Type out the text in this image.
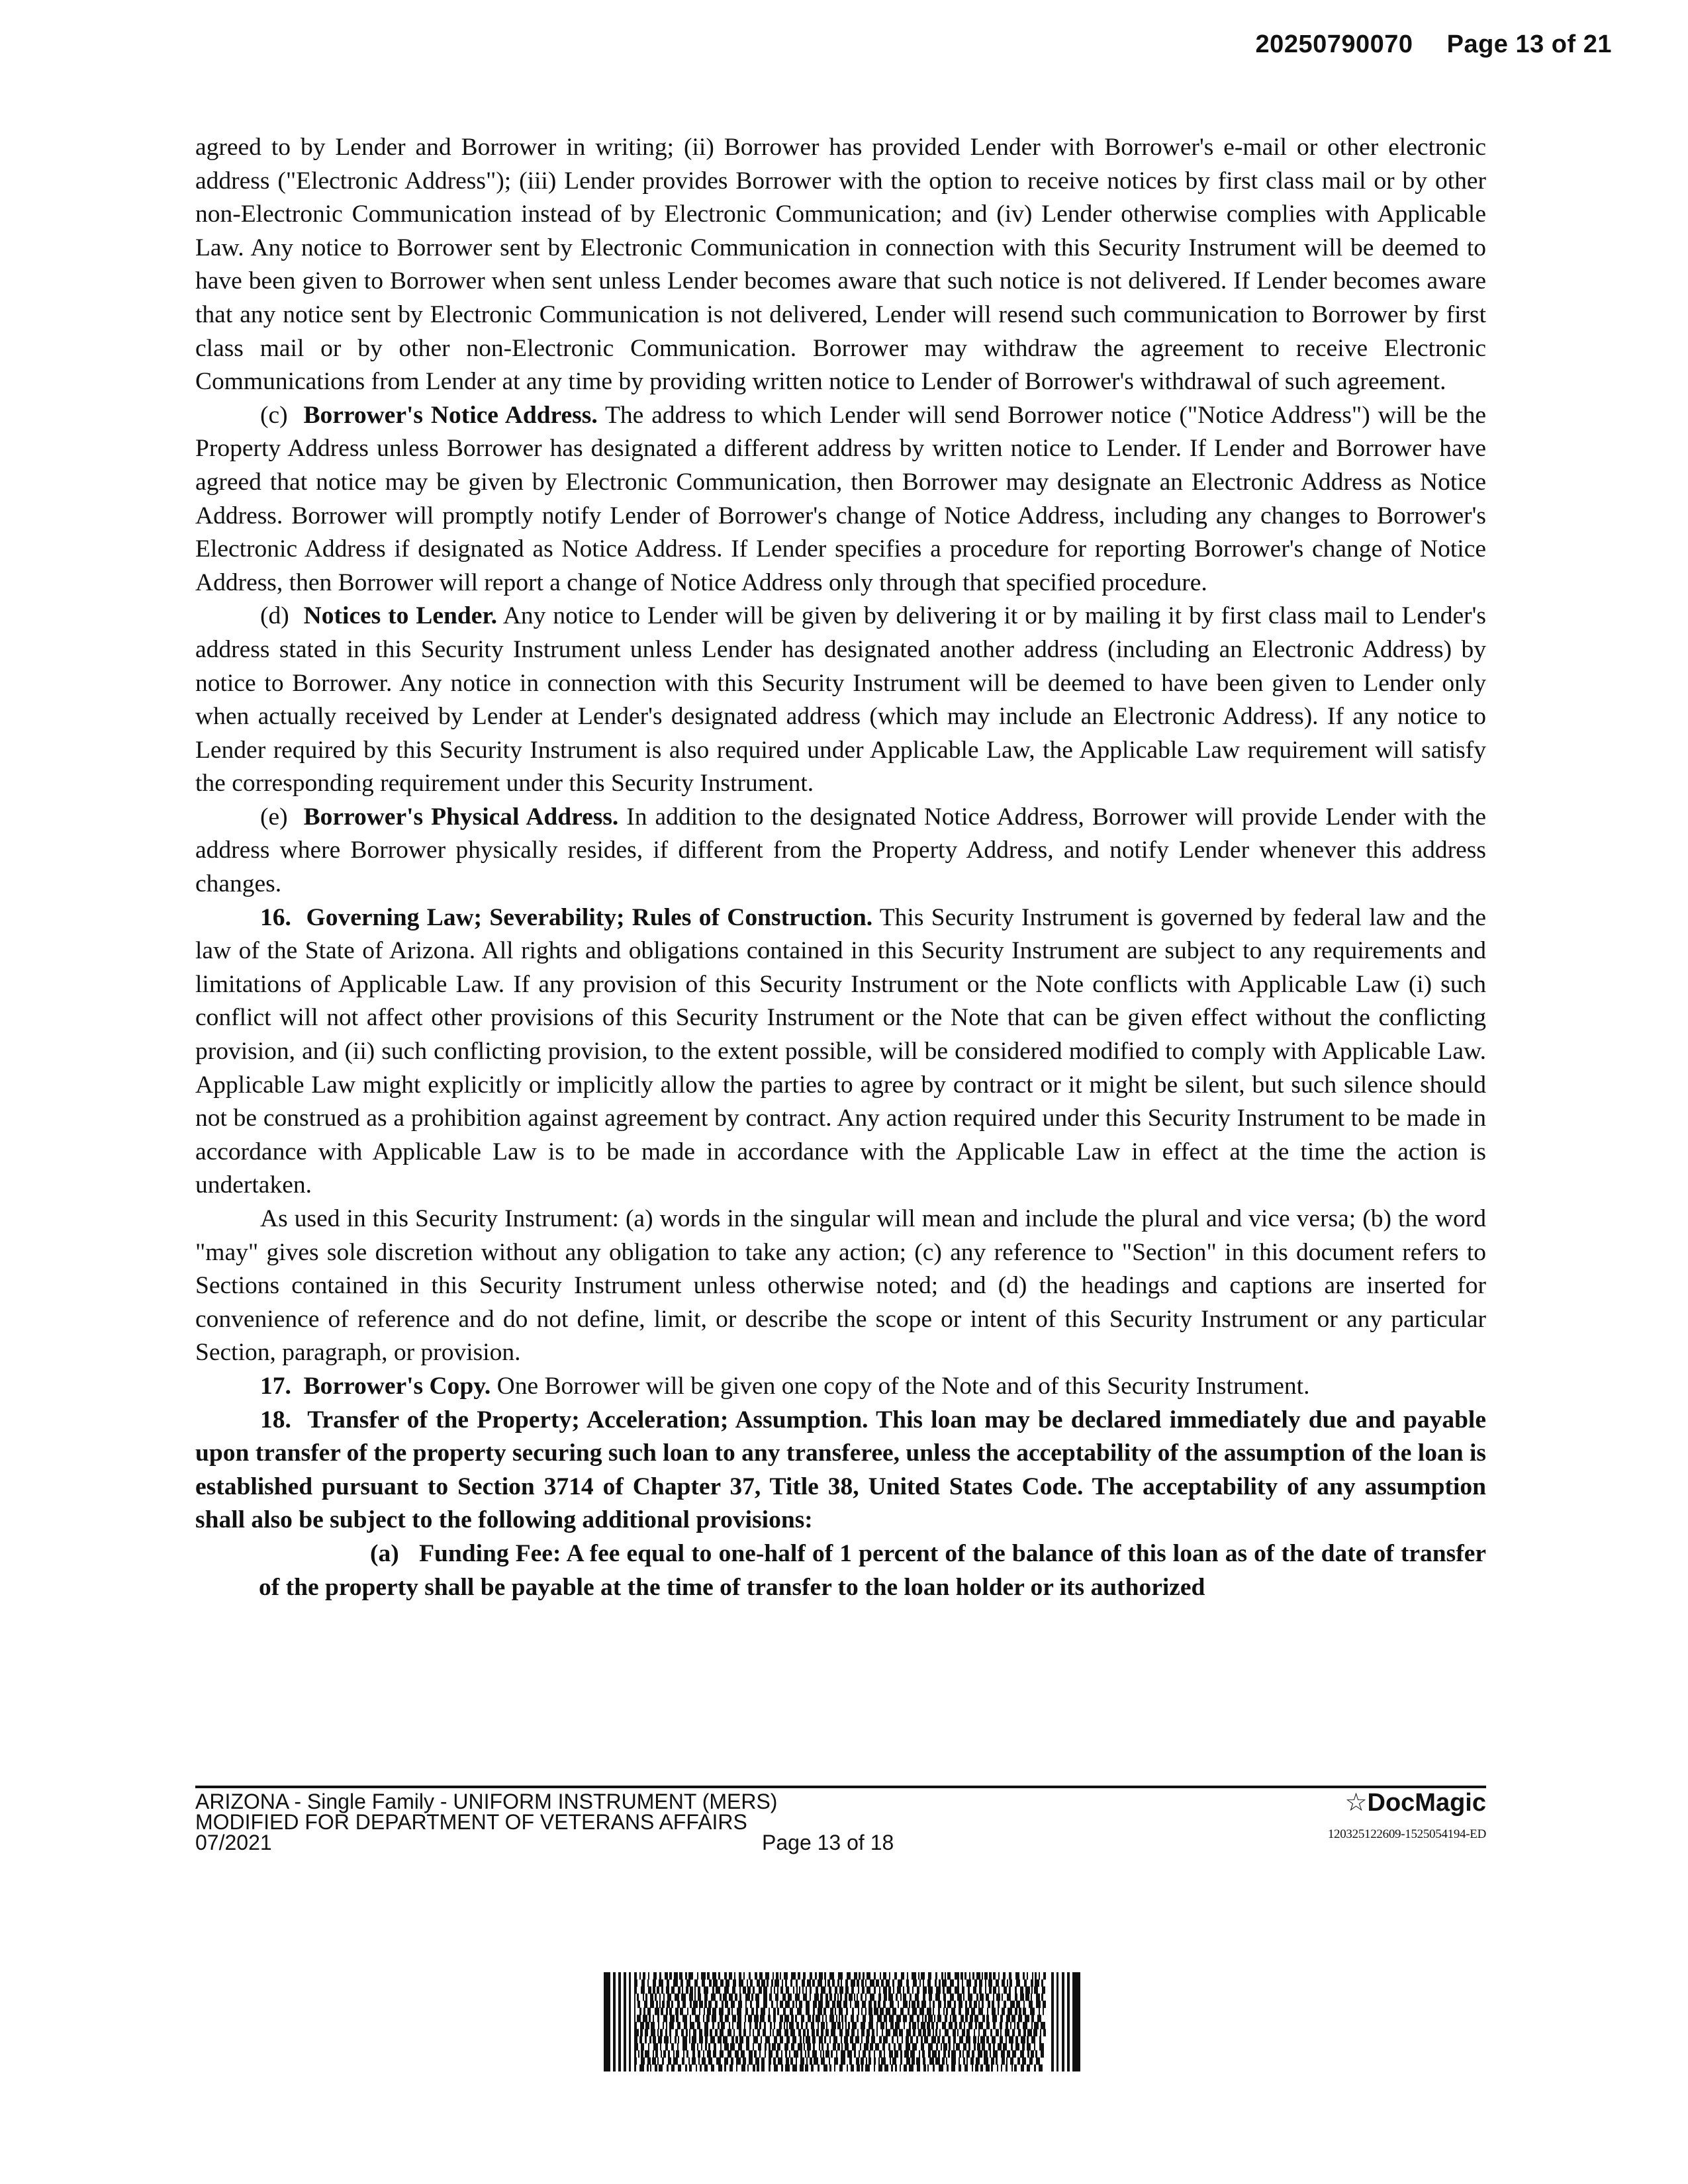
20250790070 Page 13 of 21

agreed to by Lender and Borrower in writing; (ii) Borrower has provided Lender with Borrower's e-mail or other electronic address ("Electronic Address"); (iii) Lender provides Borrower with the option to receive notices by first class mail or by other non-Electronic Communication instead of by Electronic Communication; and (iv) Lender otherwise complies with Applicable Law. Any notice to Borrower sent by Electronic Communication in connection with this Security Instrument will be deemed to have been given to Borrower when sent unless Lender becomes aware that such notice is not delivered. If Lender becomes aware that any notice sent by Electronic Communication is not delivered, Lender will resend such communication to Borrower by first class mail or by other non-Electronic Communication. Borrower may withdraw the agreement to receive Electronic Communications from Lender at any time by providing written notice to Lender of Borrower's withdrawal of such agreement.

(c) Borrower's Notice Address. The address to which Lender will send Borrower notice ("Notice Address") will be the Property Address unless Borrower has designated a different address by written notice to Lender. If Lender and Borrower have agreed that notice may be given by Electronic Communication, then Borrower may designate an Electronic Address as Notice Address. Borrower will promptly notify Lender of Borrower's change of Notice Address, including any changes to Borrower's Electronic Address if designated as Notice Address. If Lender specifies a procedure for reporting Borrower's change of Notice Address, then Borrower will report a change of Notice Address only through that specified procedure.

(d) Notices to Lender. Any notice to Lender will be given by delivering it or by mailing it by first class mail to Lender's address stated in this Security Instrument unless Lender has designated another address (including an Electronic Address) by notice to Borrower. Any notice in connection with this Security Instrument will be deemed to have been given to Lender only when actually received by Lender at Lender's designated address (which may include an Electronic Address). If any notice to Lender required by this Security Instrument is also required under Applicable Law, the Applicable Law requirement will satisfy the corresponding requirement under this Security Instrument.

(e) Borrower's Physical Address. In addition to the designated Notice Address, Borrower will provide Lender with the address where Borrower physically resides, if different from the Property Address, and notify Lender whenever this address changes.

16. Governing Law; Severability; Rules of Construction. This Security Instrument is governed by federal law and the law of the State of Arizona. All rights and obligations contained in this Security Instrument are subject to any requirements and limitations of Applicable Law. If any provision of this Security Instrument or the Note conflicts with Applicable Law (i) such conflict will not affect other provisions of this Security Instrument or the Note that can be given effect without the conflicting provision, and (ii) such conflicting provision, to the extent possible, will be considered modified to comply with Applicable Law. Applicable Law might explicitly or implicitly allow the parties to agree by contract or it might be silent, but such silence should not be construed as a prohibition against agreement by contract. Any action required under this Security Instrument to be made in accordance with Applicable Law is to be made in accordance with the Applicable Law in effect at the time the action is undertaken.

As used in this Security Instrument: (a) words in the singular will mean and include the plural and vice versa; (b) the word "may" gives sole discretion without any obligation to take any action; (c) any reference to "Section" in this document refers to Sections contained in this Security Instrument unless otherwise noted; and (d) the headings and captions are inserted for convenience of reference and do not define, limit, or describe the scope or intent of this Security Instrument or any particular Section, paragraph, or provision.

17. Borrower's Copy. One Borrower will be given one copy of the Note and of this Security Instrument.

18. Transfer of the Property; Acceleration; Assumption. This loan may be declared immediately due and payable upon transfer of the property securing such loan to any transferee, unless the acceptability of the assumption of the loan is established pursuant to Section 3714 of Chapter 37, Title 38, United States Code. The acceptability of any assumption shall also be subject to the following additional provisions:

(a) Funding Fee: A fee equal to one-half of 1 percent of the balance of this loan as of the date of transfer of the property shall be payable at the time of transfer to the loan holder or its authorized

ARIZONA - Single Family - UNIFORM INSTRUMENT (MERS)
MODIFIED FOR DEPARTMENT OF VETERANS AFFAIRS
07/2021	Page 13 of 18
☆DocMagic
120325122609-1525054194-ED
